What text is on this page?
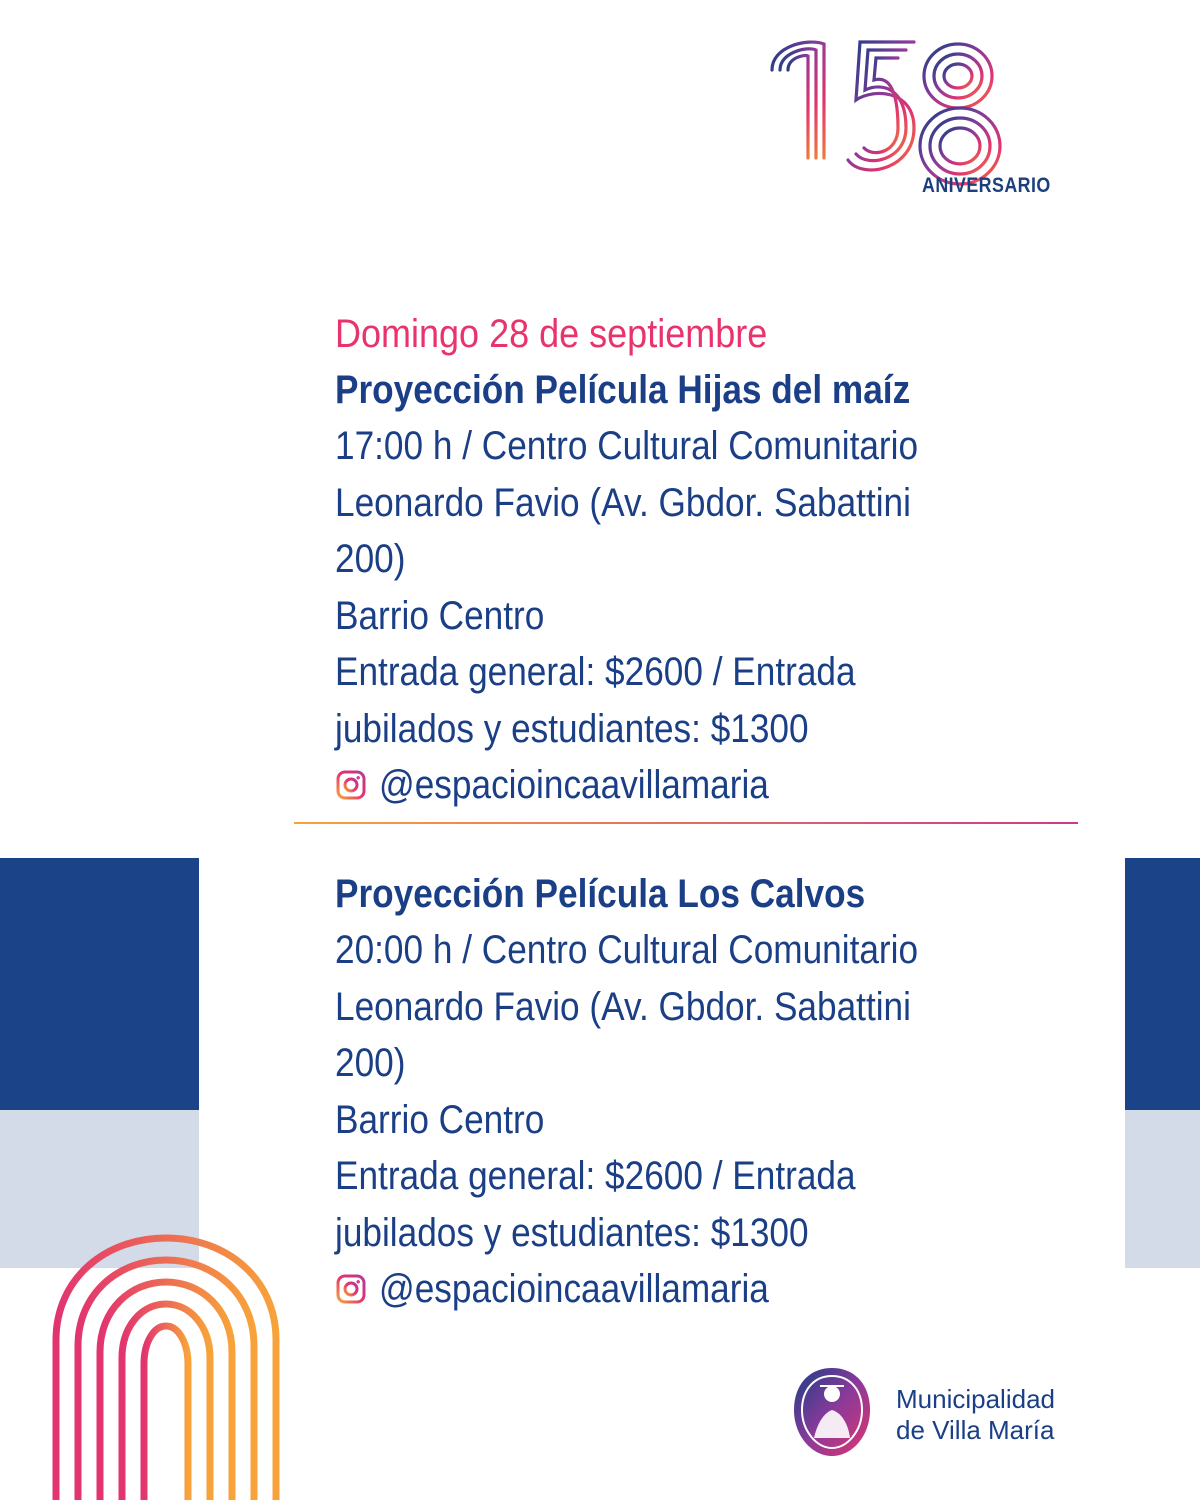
ANIVERSARIO
Domingo 28 de septiembre
Proyección Película Hijas del maíz
17:00 h / Centro Cultural Comunitario
Leonardo Favio (Av. Gbdor. Sabattini
200)
Barrio Centro
Entrada general: $2600 / Entrada
jubilados y estudiantes: $1300
@espacioincaavillamaria
Proyección Película Los Calvos
20:00 h / Centro Cultural Comunitario
Leonardo Favio (Av. Gbdor. Sabattini
200)
Barrio Centro
Entrada general: $2600 / Entrada
jubilados y estudiantes: $1300
@espacioincaavillamaria
Municipalidad
de Villa María
